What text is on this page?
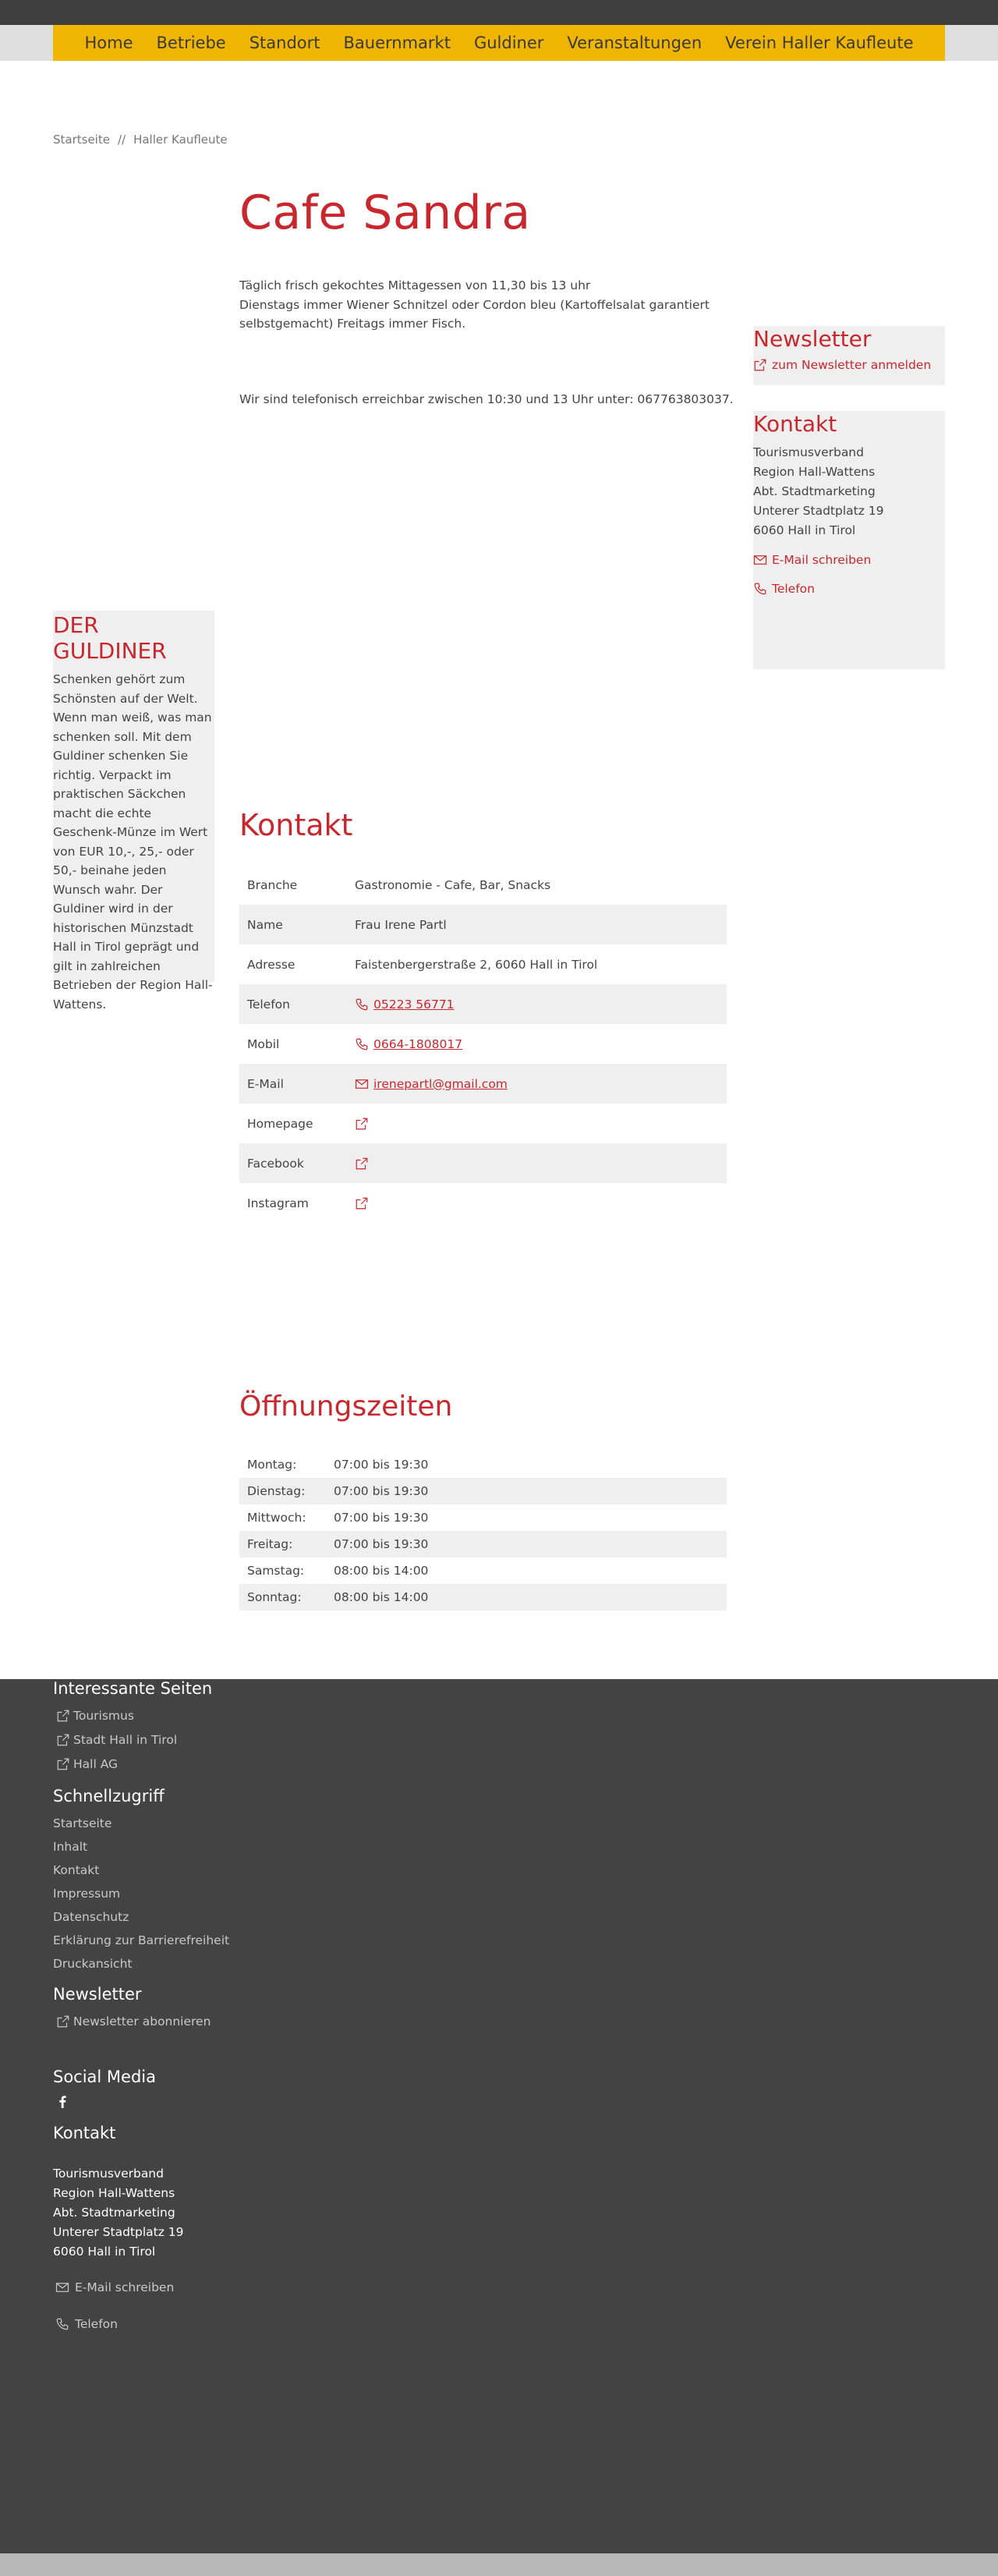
Home Betriebe Standort Bauernmarkt Guldiner Veranstaltungen Verein Haller Kaufleute
Startseite // Haller Kaufleute
Cafe Sandra

Täglich frisch gekochtes Mittagessen von 11,30 bis 13 uhr

Dienstags immer Wiener Schnitzel oder Cordon bleu (Kartoffelsalat garantiert selbstgemacht) Freitags immer Fisch.

Wir sind telefonisch erreichbar zwischen 10:30 und 13 Uhr unter: 067763803037.

Kontakt
Branche	Gastronomie - Cafe, Bar, Snacks
Name	Frau Irene Partl
Adresse	Faistenbergerstraße 2, 6060 Hall in Tirol
Telefon	05223 56771
Mobil	0664-1808017
E-Mail	irenepartl@gmail.com
Homepage
Facebook
Instagram
Öffnungszeiten
Montag:	07:00 bis 19:30
Dienstag:	07:00 bis 19:30
Mittwoch:	07:00 bis 19:30
Freitag:	07:00 bis 19:30
Samstag:	08:00 bis 14:00
Sonntag:	08:00 bis 14:00
DER GULDINER

Schenken gehört zum Schönsten auf der Welt. Wenn man weiß, was man schenken soll. Mit dem Guldiner schenken Sie richtig. Verpackt im praktischen Säckchen macht die echte Geschenk-Münze im Wert von EUR 10,-, 25,- oder 50,- beinahe jeden Wunsch wahr. Der Guldiner wird in der historischen Münzstadt Hall in Tirol geprägt und gilt in zahlreichen Betrieben der Region Hall-Wattens.

Newsletter
zum Newsletter anmelden
Kontakt
Tourismusverband
Region Hall-Wattens
Abt. Stadtmarketing
Unterer Stadtplatz 19
6060 Hall in Tirol
E-Mail schreiben
Telefon
Interessante Seiten
Tourismus
Stadt Hall in Tirol
Hall AG
Schnellzugriff
Startseite
Inhalt
Kontakt
Impressum
Datenschutz
Erklärung zur Barrierefreiheit
Druckansicht
Newsletter
Newsletter abonnieren
Social Media
Kontakt
Tourismusverband
Region Hall-Wattens
Abt. Stadtmarketing
Unterer Stadtplatz 19
6060 Hall in Tirol
E-Mail schreiben
Telefon
